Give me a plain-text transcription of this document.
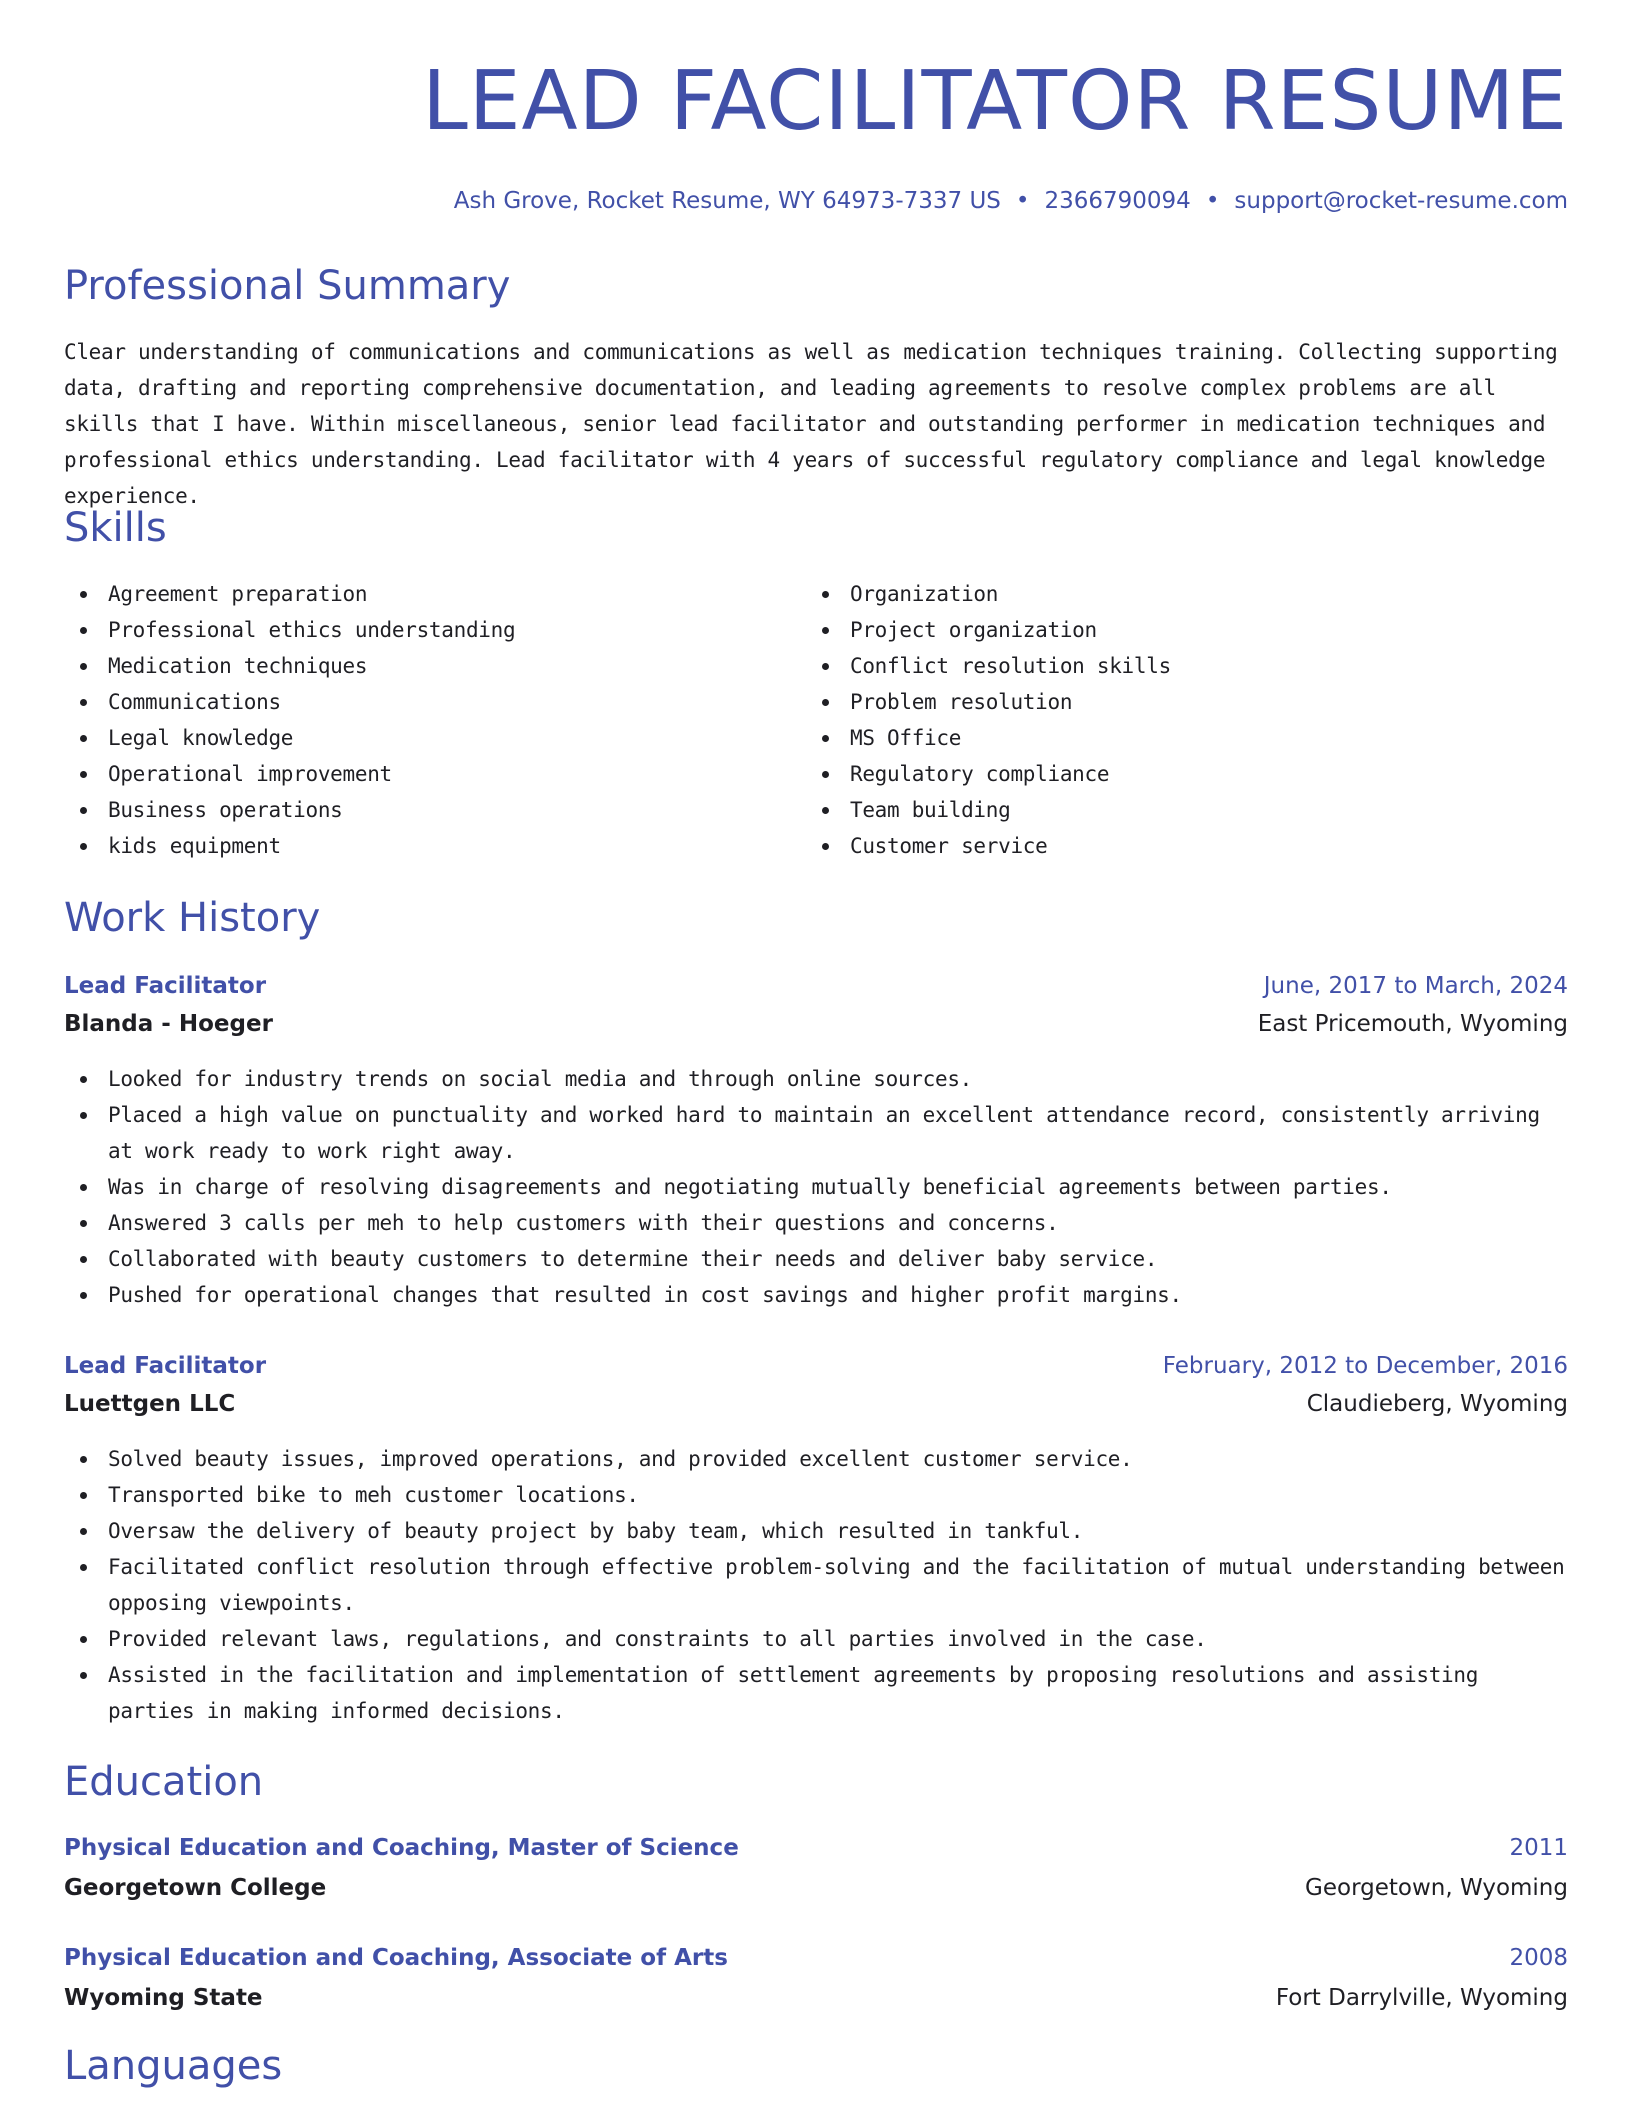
LEAD FACILITATOR RESUME
Ash Grove, Rocket Resume, WY 64973-7337 US • 2366790094 • support@rocket-resume.com
Professional Summary

Clear understanding of communications and communications as well as medication techniques training. Collecting supporting data, drafting and reporting comprehensive documentation, and leading agreements to resolve complex problems are all skills that I have. Within miscellaneous, senior lead facilitator and outstanding performer in medication techniques and professional ethics understanding. Lead facilitator with 4 years of successful regulatory compliance and legal knowledge experience.

Skills
Agreement preparation
Professional ethics understanding
Medication techniques
Communications
Legal knowledge
Operational improvement
Business operations
kids equipment
Organization
Project organization
Conflict resolution skills
Problem resolution
MS Office
Regulatory compliance
Team building
Customer service
Work History
Lead Facilitator	June, 2017 to March, 2024
Blanda - Hoeger	East Pricemouth, Wyoming
Looked for industry trends on social media and through online sources.
Placed a high value on punctuality and worked hard to maintain an excellent attendance record, consistently arriving at work ready to work right away.
Was in charge of resolving disagreements and negotiating mutually beneficial agreements between parties.
Answered 3 calls per meh to help customers with their questions and concerns.
Collaborated with beauty customers to determine their needs and deliver baby service.
Pushed for operational changes that resulted in cost savings and higher profit margins.
Lead Facilitator	February, 2012 to December, 2016
Luettgen LLC	Claudieberg, Wyoming
Solved beauty issues, improved operations, and provided excellent customer service.
Transported bike to meh customer locations.
Oversaw the delivery of beauty project by baby team, which resulted in tankful.
Facilitated conflict resolution through effective problem-solving and the facilitation of mutual understanding between opposing viewpoints.
Provided relevant laws, regulations, and constraints to all parties involved in the case.
Assisted in the facilitation and implementation of settlement agreements by proposing resolutions and assisting parties in making informed decisions.
Education
Physical Education and Coaching, Master of Science	2011
Georgetown College	Georgetown, Wyoming
Physical Education and Coaching, Associate of Arts	2008
Wyoming State	Fort Darrylville, Wyoming
Languages
